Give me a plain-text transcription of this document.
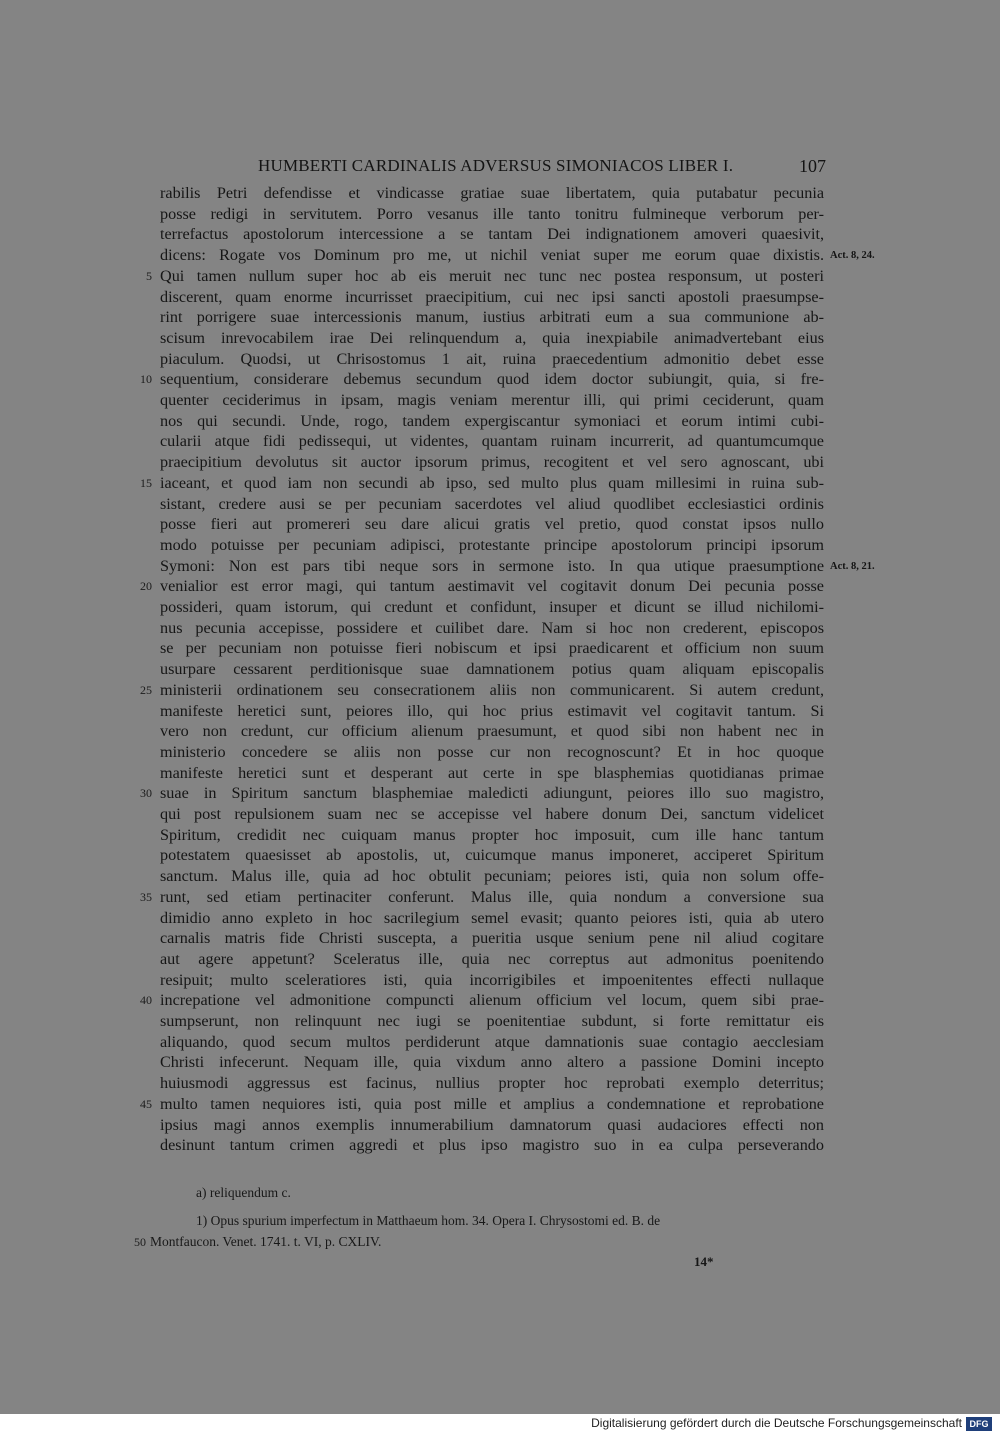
HUMBERTI CARDINALIS ADVERSUS SIMONIACOS LIBER I.	107
rabilis Petri defendisse et vindicasse gratiae suae libertatem, quia putabatur pecunia
posse redigi in servitutem. Porro vesanus ille tanto tonitru fulmineque verborum per-
terrefactus apostolorum intercessione a se tantam Dei indignationem amoveri quaesivit,
dicens: Rogate vos Dominum pro me, ut nichil veniat super me eorum quae dixistis. Act. 8, 24.
Qui tamen nullum super hoc ab eis meruit nec tunc nec postea responsum, ut posteri
5
discerent, quam enorme incurrisset praecipitium, cui nec ipsi sancti apostoli praesumpse-
rint porrigere suae intercessionis manum, iustius arbitrati eum a sua communione ab-
scisum inrevocabilem irae Dei relinquendum a, quia inexpiabile animadvertebant eius
piaculum. Quodsi, ut Chrisostomus 1 ait, ruina praecedentium admonitio debet esse
sequentium, considerare debemus secundum quod idem doctor subiungit, quia, si fre-
10
quenter ceciderimus in ipsam, magis veniam merentur illi, qui primi ceciderunt, quam
nos qui secundi. Unde, rogo, tandem expergiscantur symoniaci et eorum intimi cubi-
cularii atque fidi pedissequi, ut videntes, quantam ruinam incurrerit, ad quantumcumque
praecipitium devolutus sit auctor ipsorum primus, recogitent et vel sero agnoscant, ubi
iaceant, et quod iam non secundi ab ipso, sed multo plus quam millesimi in ruina sub-
15
sistant, credere ausi se per pecuniam sacerdotes vel aliud quodlibet ecclesiastici ordinis
posse fieri aut promereri seu dare alicui gratis vel pretio, quod constat ipsos nullo
modo potuisse per pecuniam adipisci, protestante principe apostolorum principi ipsorum
Symoni: Non est pars tibi neque sors in sermone isto. In qua utique praesumptione Act. 8, 21.
venialior est error magi, qui tantum aestimavit vel cogitavit donum Dei pecunia posse
20
possideri, quam istorum, qui credunt et confidunt, insuper et dicunt se illud nichilomi-
nus pecunia accepisse, possidere et cuilibet dare. Nam si hoc non crederent, episcopos
se per pecuniam non potuisse fieri nobiscum et ipsi praedicarent et officium non suum
usurpare cessarent perditionisque suae damnationem potius quam aliquam episcopalis
ministerii ordinationem seu consecrationem aliis non communicarent. Si autem credunt,
25
manifeste heretici sunt, peiores illo, qui hoc prius estimavit vel cogitavit tantum. Si
vero non credunt, cur officium alienum praesumunt, et quod sibi non habent nec in
ministerio concedere se aliis non posse cur non recognoscunt? Et in hoc quoque
manifeste heretici sunt et desperant aut certe in spe blasphemias quotidianas primae
suae in Spiritum sanctum blasphemiae maledicti adiungunt, peiores illo suo magistro,
30
qui post repulsionem suam nec se accepisse vel habere donum Dei, sanctum videlicet
Spiritum, credidit nec cuiquam manus propter hoc imposuit, cum ille hanc tantum
potestatem quaesisset ab apostolis, ut, cuicumque manus imponeret, acciperet Spiritum
sanctum. Malus ille, quia ad hoc obtulit pecuniam; peiores isti, quia non solum offe-
runt, sed etiam pertinaciter conferunt. Malus ille, quia nondum a conversione sua
35
dimidio anno expleto in hoc sacrilegium semel evasit; quanto peiores isti, quia ab utero
carnalis matris fide Christi suscepta, a pueritia usque senium pene nil aliud cogitare
aut agere appetunt? Sceleratus ille, quia nec correptus aut admonitus poenitendo
resipuit; multo sceleratiores isti, quia incorrigibiles et impoenitentes effecti nullaque
increpatione vel admonitione compuncti alienum officium vel locum, quem sibi prae-
40
sumpserunt, non relinquunt nec iugi se poenitentiae subdunt, si forte remittatur eis
aliquando, quod secum multos perdiderunt atque damnationis suae contagio aecclesiam
Christi infecerunt. Nequam ille, quia vixdum anno altero a passione Domini incepto
huiusmodi aggressus est facinus, nullius propter hoc reprobati exemplo deterritus;
multo tamen nequiores isti, quia post mille et amplius a condemnatione et reprobatione
45
ipsius magi annos exemplis innumerabilium damnatorum quasi audaciores effecti non
desinunt tantum crimen aggredi et plus ipso magistro suo in ea culpa perseverando
a) reliquendum c.
1) Opus spurium imperfectum in Matthaeum hom. 34. Opera I. Chrysostomi ed. B. de
50 Montfaucon. Venet. 1741. t. VI, p. CXLIV.
14*
Digitalisierung gefördert durch die Deutsche Forschungsgemeinschaft DFG
